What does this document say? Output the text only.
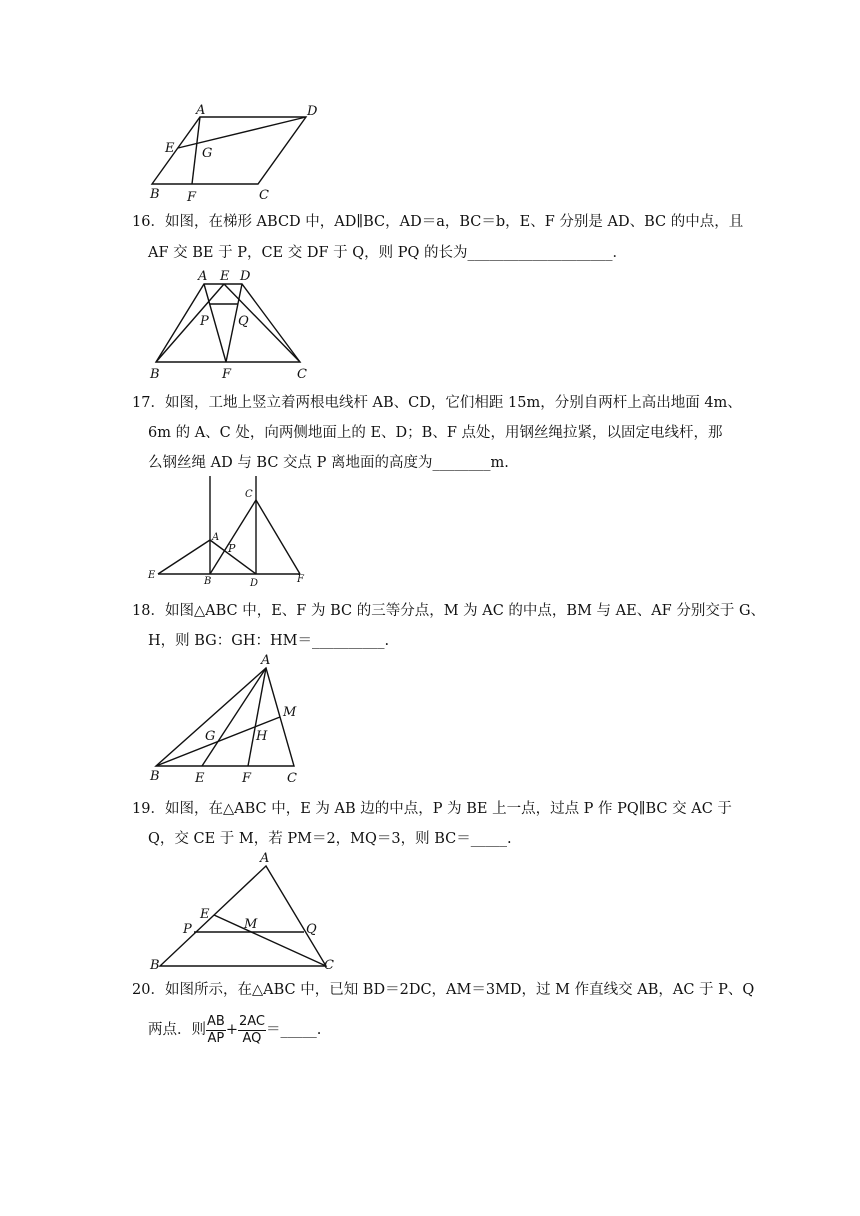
A	D
E G
B F	C
16．如图，在梯形 ABCD 中，AD∥BC，AD＝a，BC＝b，E、F 分别是 AD、BC 的中点，且
AF 交 BE 于 P，CE 交 DF 于 Q，则 PQ 的长为____________________．
A E D
P Q
B	F	C
17．如图，工地上竖立着两根电线杆 AB、CD，它们相距 15m，分别自两杆上高出地面 4m、
6m 的 A、C 处，向两侧地面上的 E、D；B、F 点处，用钢丝绳拉紧，以固定电线杆，那
么钢丝绳 AD 与 BC 交点 P 离地面的高度为________m.
C
A
P
E
B	D	F
18．如图△ABC 中，E、F 为 BC 的三等分点，M 为 AC 的中点，BM 与 AE、AF 分别交于 G、
H，则 BG：GH：HM＝__________.
A
M
G	H
B	E	F	C
19．如图，在△ABC 中，E 为 AB 边的中点，P 为 BE 上一点，过点 P 作 PQ∥BC 交 AC 于
Q，交 CE 于 M，若 PM＝2，MQ＝3，则 BC＝_____.
A
E
M
P	Q
B	C
20．如图所示，在△ABC 中，已知 BD＝2DC，AM＝3MD，过 M 作直线交 AB，AC 于 P、Q
两点．则 $\frac{AB}{AP} + \frac{2AC}{AQ}$ ＝_____.
